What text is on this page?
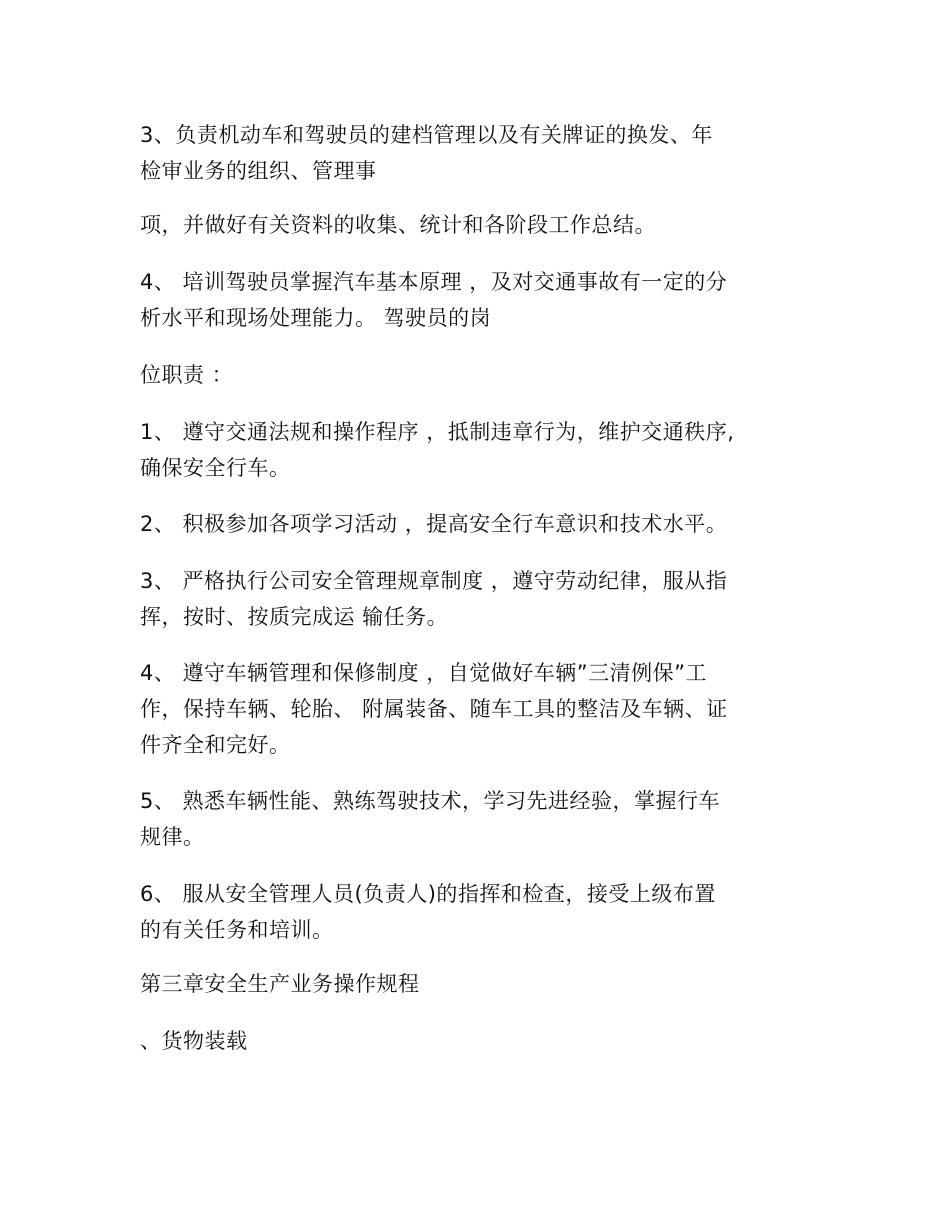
3、负责机动车和驾驶员的建档管理以及有关牌证的换发、年
检审业务的组织、管理事
项，并做好有关资料的收集、统计和各阶段工作总结。
4、 培训驾驶员掌握汽车基本原理 ，及对交通事故有一定的分
析水平和现场处理能力。 驾驶员的岗
位职责 ：
1、 遵守交通法规和操作程序 ，抵制违章行为，维护交通秩序,
确保安全行车。
2、 积极参加各项学习活动 ，提高安全行车意识和技术水平。
3、 严格执行公司安全管理规章制度 ，遵守劳动纪律，服从指
挥，按时、按质完成运 输任务。
4、 遵守车辆管理和保修制度 ，自觉做好车辆”三清例保”工
作，保持车辆、轮胎、 附属装备、随车工具的整洁及车辆、证
件齐全和完好。
5、 熟悉车辆性能、熟练驾驶技术，学习先进经验，掌握行车
规律。
6、 服从安全管理人员(负责人)的指挥和检查，接受上级布置
的有关任务和培训。
第三章安全生产业务操作规程
、货物装载
